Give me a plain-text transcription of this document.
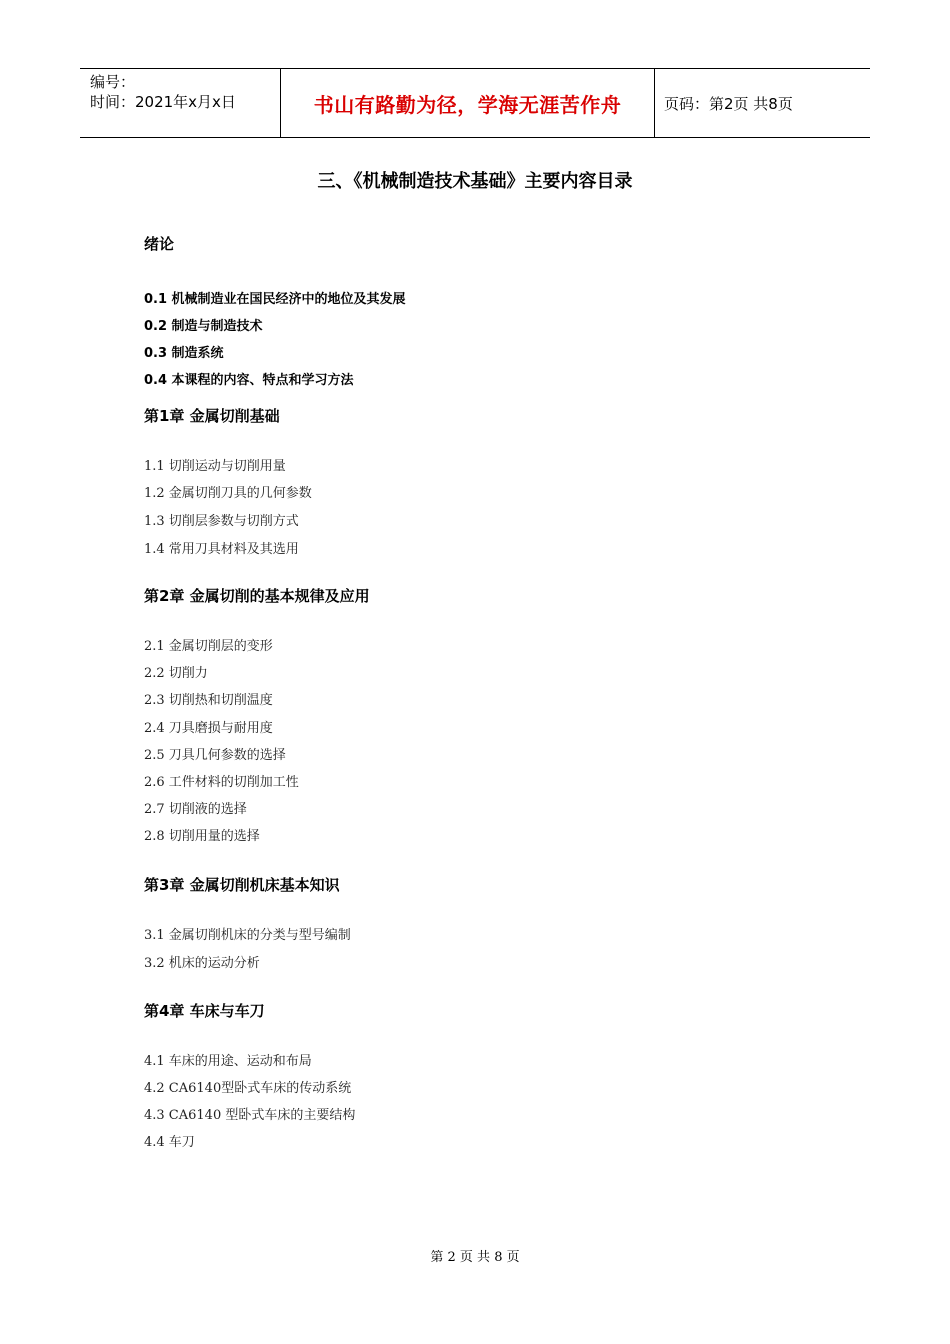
编号：
时间：2021年x月x日	书山有路勤为径，学海无涯苦作舟	页码：第2页 共8页
三、《机械制造技术基础》主要内容目录
绪论
0.1 机械制造业在国民经济中的地位及其发展
0.2 制造与制造技术
0.3 制造系统
0.4 本课程的内容、特点和学习方法
第1章 金属切削基础
1.1 切削运动与切削用量
1.2 金属切削刀具的几何参数
1.3 切削层参数与切削方式
1.4 常用刀具材料及其选用
第2章 金属切削的基本规律及应用
2.1 金属切削层的变形
2.2 切削力
2.3 切削热和切削温度
2.4 刀具磨损与耐用度
2.5 刀具几何参数的选择
2.6 工件材料的切削加工性
2.7 切削液的选择
2.8 切削用量的选择
第3章 金属切削机床基本知识
3.1 金属切削机床的分类与型号编制
3.2 机床的运动分析
第4章 车床与车刀
4.1 车床的用途、运动和布局
4.2 CA6140型卧式车床的传动系统
4.3 CA6140 型卧式车床的主要结构
4.4 车刀
第 2 页 共 8 页
